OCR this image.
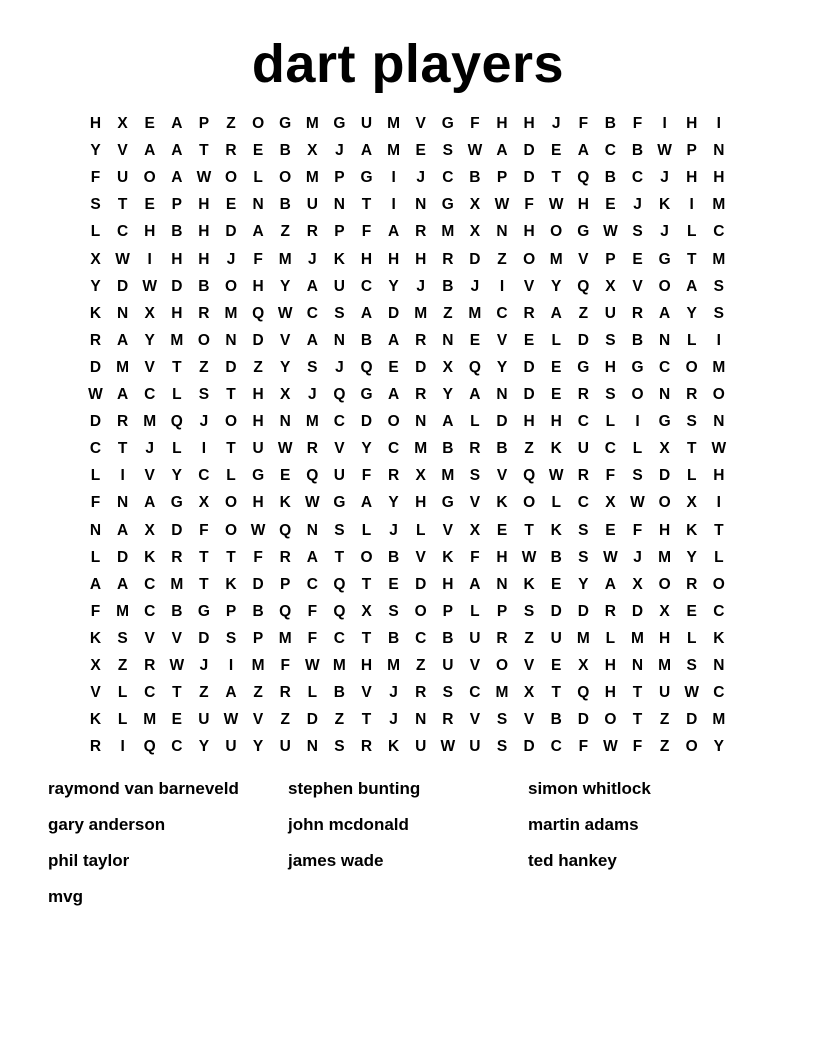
dart players
H	X	E	A	P	Z	O G M G U M V	G	F	H	H	J	F	B	F	I	H	I
Y	V	A	A	T	R	E	B	X	J	A M E	S W A	D	E	A	C	B W P	N
F	U O A W O	L	O M P	G	I	J	C	B	P	D	T	Q B	C	J	H	H
S	T	E	P	H	E	N	B	U	N	T	I	N G	X W F W H	E	J	K	I	M
L	C	H	B	H	D	A	Z	R	P	F	A	R M X	N	H O G W S	J	L	C
X W	I	H	H	J	F	M	J	K	H	H	H	R	D	Z	O M V	P	E	G	T	M
Y	D W D	B O H	Y	A	U	C	Y	J	B	J	I	V	Y	Q	X	V	O A	S
K	N	X	H	R M Q W C	S	A	D M	Z	M C	R	A	Z	U	R	A	Y	S
R	A	Y M O N	D	V	A	N	B	A	R	N	E	V	E	L	D	S	B	N	L	I
D M V	T	Z	D	Z	Y	S	J	Q	E	D	X	Q	Y	D	E	G H G C O M
W A	C	L	S	T	H	X	J	Q G A	R	Y	A	N	D	E	R	S	O N	R O
D	R M Q	J	O H	N M C	D O N	A	L	D	H	H	C	L	I	G	S	N
C	T	J	L	I	T	U W R	V	Y	C M B	R	B	Z	K	U	C	L	X	T W
L	I	V	Y	C	L	G	E	Q U	F	R	X M S	V	Q W R	F	S	D	L	H
F	N	A G	X	O H	K W G A	Y	H G	V	K O	L	C	X W O	X	I
N	A	X	D	F	O W Q N	S	L	J	L	V	X	E	T	K	S	E	F	H	K	T
L	D	K	R	T	T	F	R	A	T	O B	V	K	F	H W B	S W J	M Y	L
A	A	C M	T	K	D	P	C Q	T	E	D	H	A	N	K	E	Y	A	X	O R O
F	M C	B G	P	B Q	F	Q	X	S	O	P	L	P	S	D	D	R	D	X	E	C
K	S	V	V	D	S	P M	F	C	T	B	C	B	U	R	Z	U M	L	M H	L	K
X	Z	R W J	I	M	F W M H M	Z	U	V	O	V	E	X	H	N M S	N
V	L	C	T	Z	A	Z	R	L	B	V	J	R	S	C M X	T	Q H	T	U W C
K	L	M E	U W V	Z	D	Z	T	J	N	R	V	S	V	B	D O	T	Z	D M
R	I	Q C	Y	U	Y	U	N	S	R	K	U W U	S	D	C	F W F	Z	O	Y
raymond van barneveld	stephen bunting	simon whitlock
gary anderson	john mcdonald	martin adams
phil taylor	james wade	ted hankey
mvg
